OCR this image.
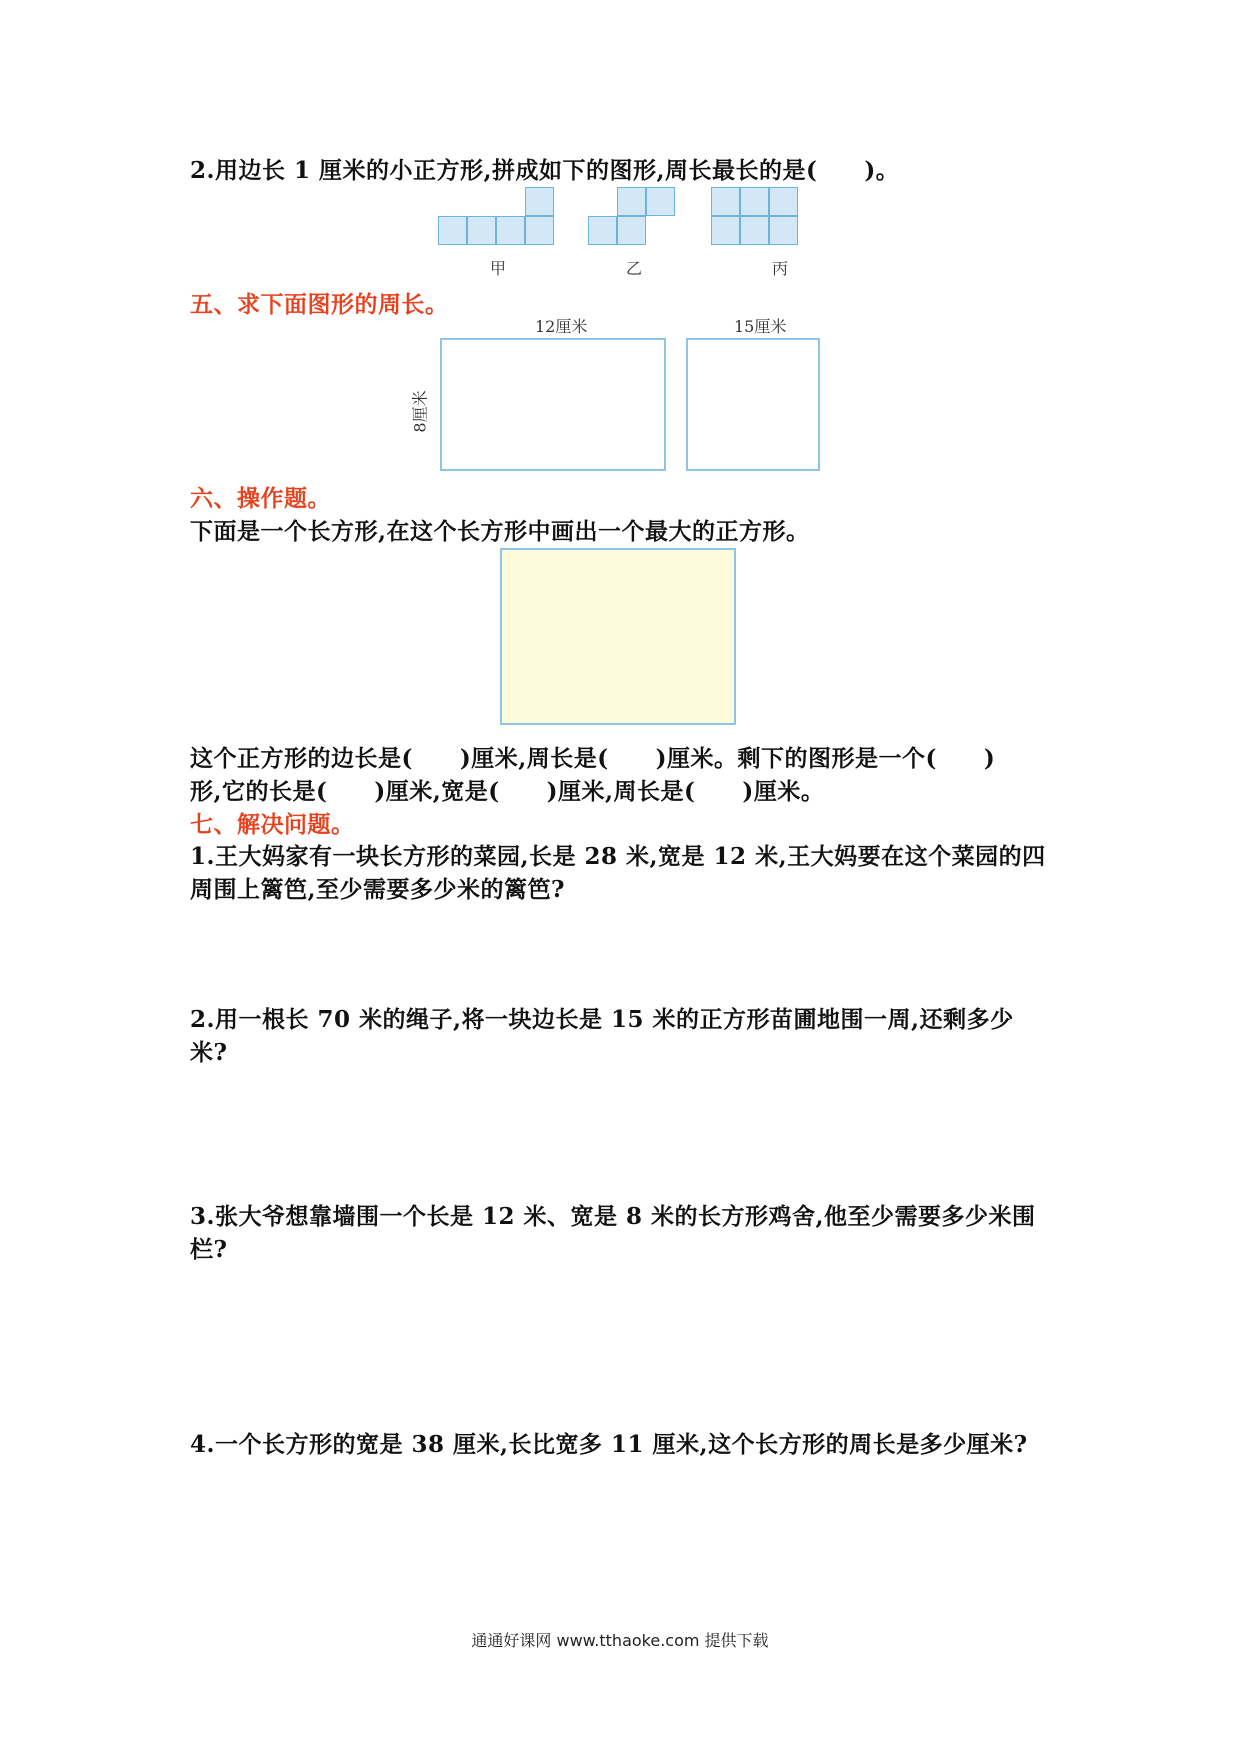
2.用边长 1 厘米的小正方形,拼成如下的图形,周长最长的是(　　)。
甲	乙	丙
五、求下面图形的周长。
12厘米
8厘米
15厘米
六、操作题。
下面是一个长方形,在这个长方形中画出一个最大的正方形。
这个正方形的边长是(　　)厘米,周长是(　　)厘米。剩下的图形是一个(　　)
形,它的长是(　　)厘米,宽是(　　)厘米,周长是(　　)厘米。
七、解决问题。
1.王大妈家有一块长方形的菜园,长是 28 米,宽是 12 米,王大妈要在这个菜园的四
周围上篱笆,至少需要多少米的篱笆?
2.用一根长 70 米的绳子,将一块边长是 15 米的正方形苗圃地围一周,还剩多少
米?
3.张大爷想靠墙围一个长是 12 米、宽是 8 米的长方形鸡舍,他至少需要多少米围
栏?
4.一个长方形的宽是 38 厘米,长比宽多 11 厘米,这个长方形的周长是多少厘米?
通通好课网 www.tthaoke.com 提供下载
